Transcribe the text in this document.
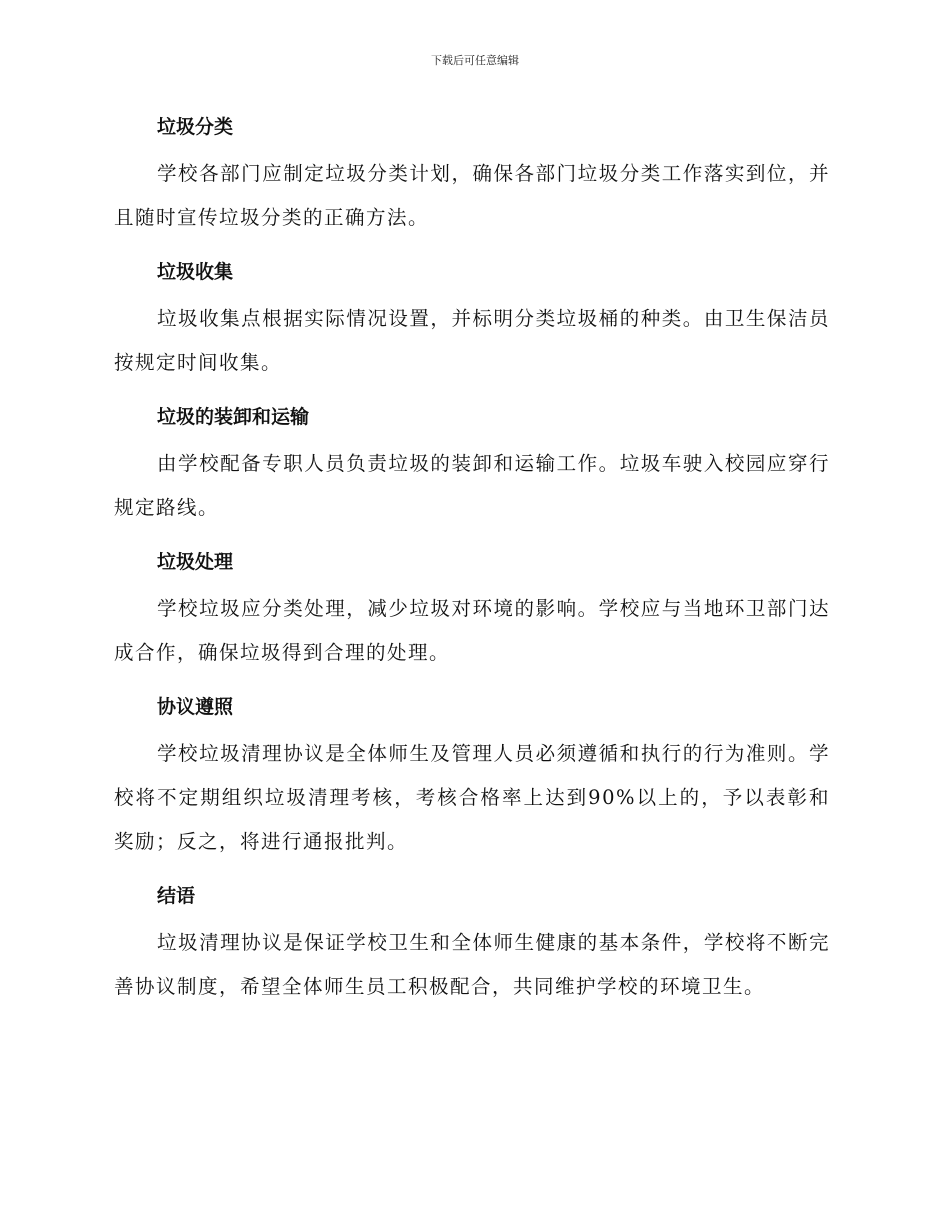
下载后可任意编辑
垃圾分类

学校各部门应制定垃圾分类计划，确保各部门垃圾分类工作落实到位，并且随时宣传垃圾分类的正确方法。

垃圾收集

垃圾收集点根据实际情况设置，并标明分类垃圾桶的种类。由卫生保洁员按规定时间收集。

垃圾的装卸和运输

由学校配备专职人员负责垃圾的装卸和运输工作。垃圾车驶入校园应穿行规定路线。

垃圾处理

学校垃圾应分类处理，减少垃圾对环境的影响。学校应与当地环卫部门达成合作，确保垃圾得到合理的处理。

协议遵照

学校垃圾清理协议是全体师生及管理人员必须遵循和执行的行为准则。学校将不定期组织垃圾清理考核，考核合格率上达到90%以上的，予以表彰和奖励；反之，将进行通报批判。

结语

垃圾清理协议是保证学校卫生和全体师生健康的基本条件，学校将不断完善协议制度，希望全体师生员工积极配合，共同维护学校的环境卫生。
